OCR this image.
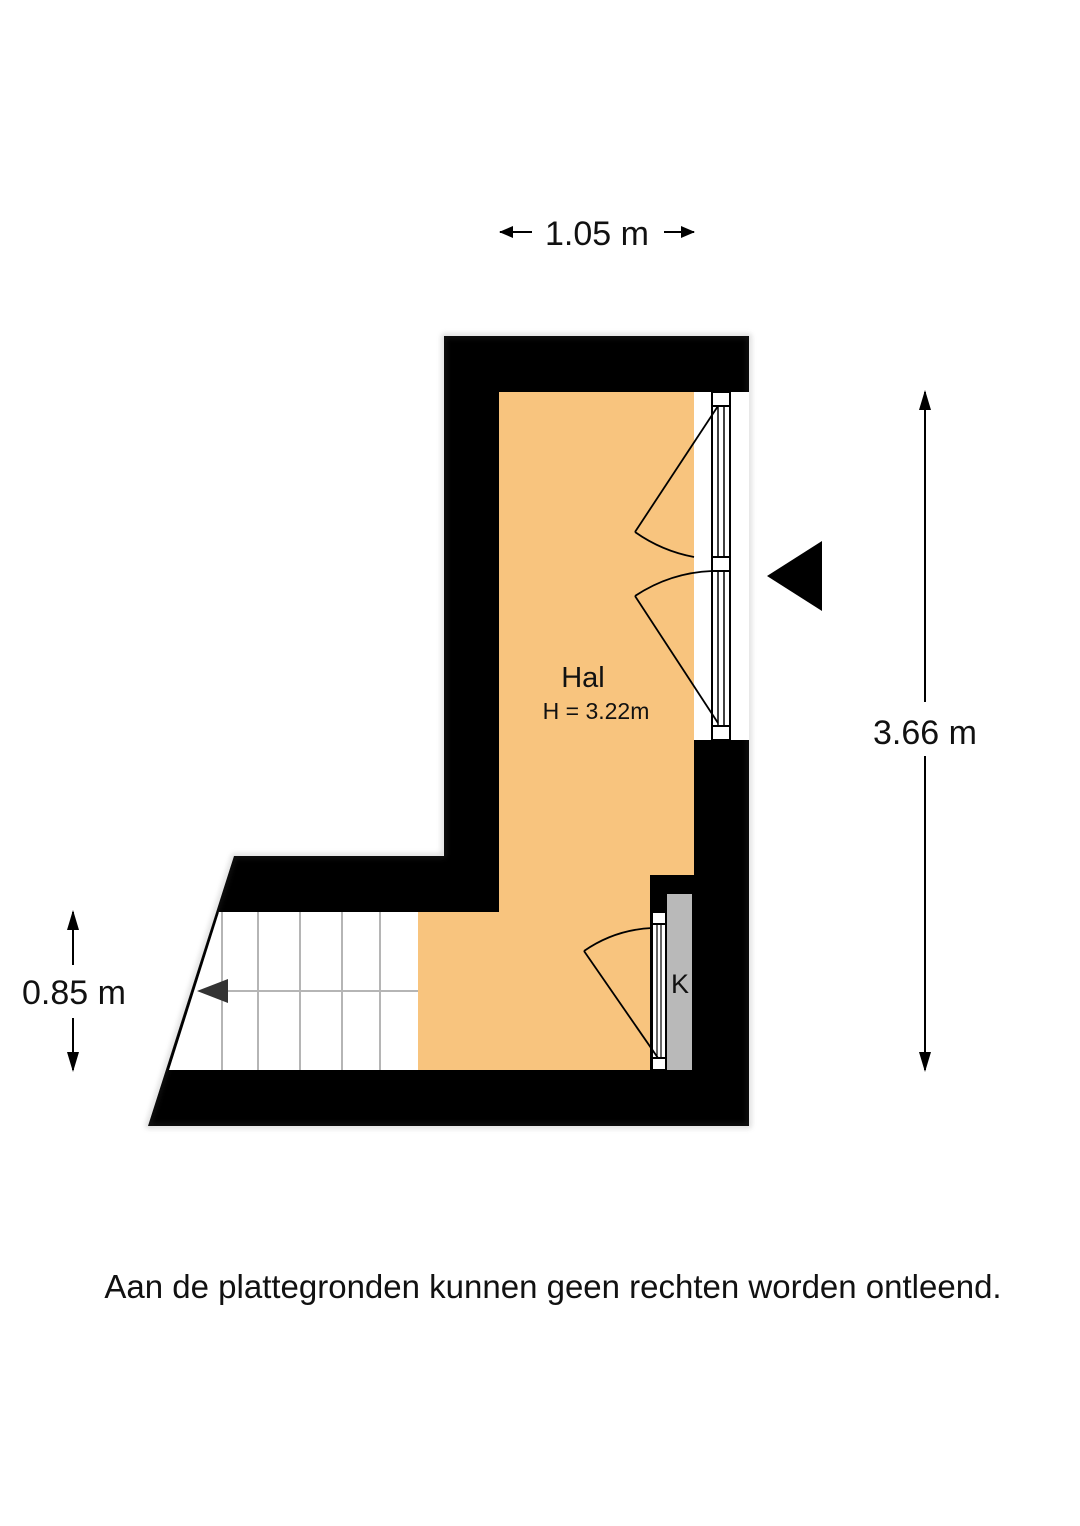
1.05 m
3.66 m
0.85 m
Hal
H = 3.22m
K
Aan de plattegronden kunnen geen rechten worden ontleend.
